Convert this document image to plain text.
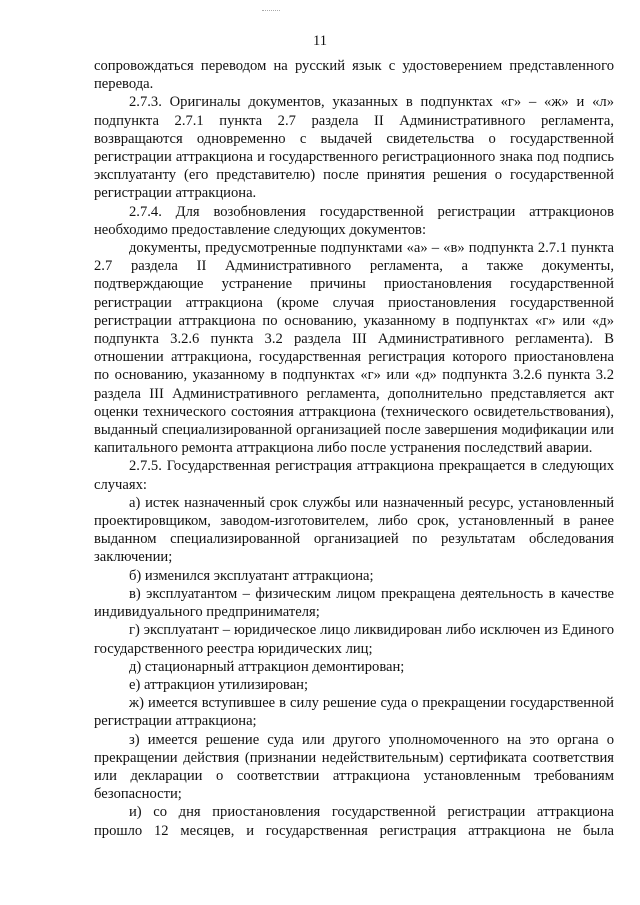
11

сопровождаться переводом на русский язык с удостоверением представленного перевода.

2.7.3. Оригиналы документов, указанных в подпунктах «г» – «ж» и «л» подпункта 2.7.1 пункта 2.7 раздела II Административного регламента, возвращаются одновременно с выдачей свидетельства о государственной регистрации аттракциона и государственного регистрационного знака под подпись эксплуатанту (его представителю) после принятия решения о государственной регистрации аттракциона.

2.7.4. Для возобновления государственной регистрации аттракционов необходимо предоставление следующих документов:

документы, предусмотренные подпунктами «а» – «в» подпункта 2.7.1 пункта 2.7 раздела II Административного регламента, а также документы, подтверждающие устранение причины приостановления государственной регистрации аттракциона (кроме случая приостановления государственной регистрации аттракциона по основанию, указанному в подпунктах «г» или «д» подпункта 3.2.6 пункта 3.2 раздела III Административного регламента). В отношении аттракциона, государственная регистрация которого приостановлена по основанию, указанному в подпунктах «г» или «д» подпункта 3.2.6 пункта 3.2 раздела III Административного регламента, дополнительно представляется акт оценки технического состояния аттракциона (технического освидетельствования), выданный специализированной организацией после завершения модификации или капитального ремонта аттракциона либо после устранения последствий аварии.

2.7.5. Государственная регистрация аттракциона прекращается в следующих случаях:

а) истек назначенный срок службы или назначенный ресурс, установленный проектировщиком, заводом-изготовителем, либо срок, установленный в ранее выданном специализированной организацией по результатам обследования заключении;

б) изменился эксплуатант аттракциона;

в) эксплуатантом – физическим лицом прекращена деятельность в качестве индивидуального предпринимателя;

г) эксплуатант – юридическое лицо ликвидирован либо исключен из Единого государственного реестра юридических лиц;

д) стационарный аттракцион демонтирован;

е) аттракцион утилизирован;

ж) имеется вступившее в силу решение суда о прекращении государственной регистрации аттракциона;

з) имеется решение суда или другого уполномоченного на это органа о прекращении действия (признании недействительным) сертификата соответствия или декларации о соответствии аттракциона установленным требованиям безопасности;

и) со дня приостановления государственной регистрации аттракциона прошло 12 месяцев, и государственная регистрация аттракциона не была
